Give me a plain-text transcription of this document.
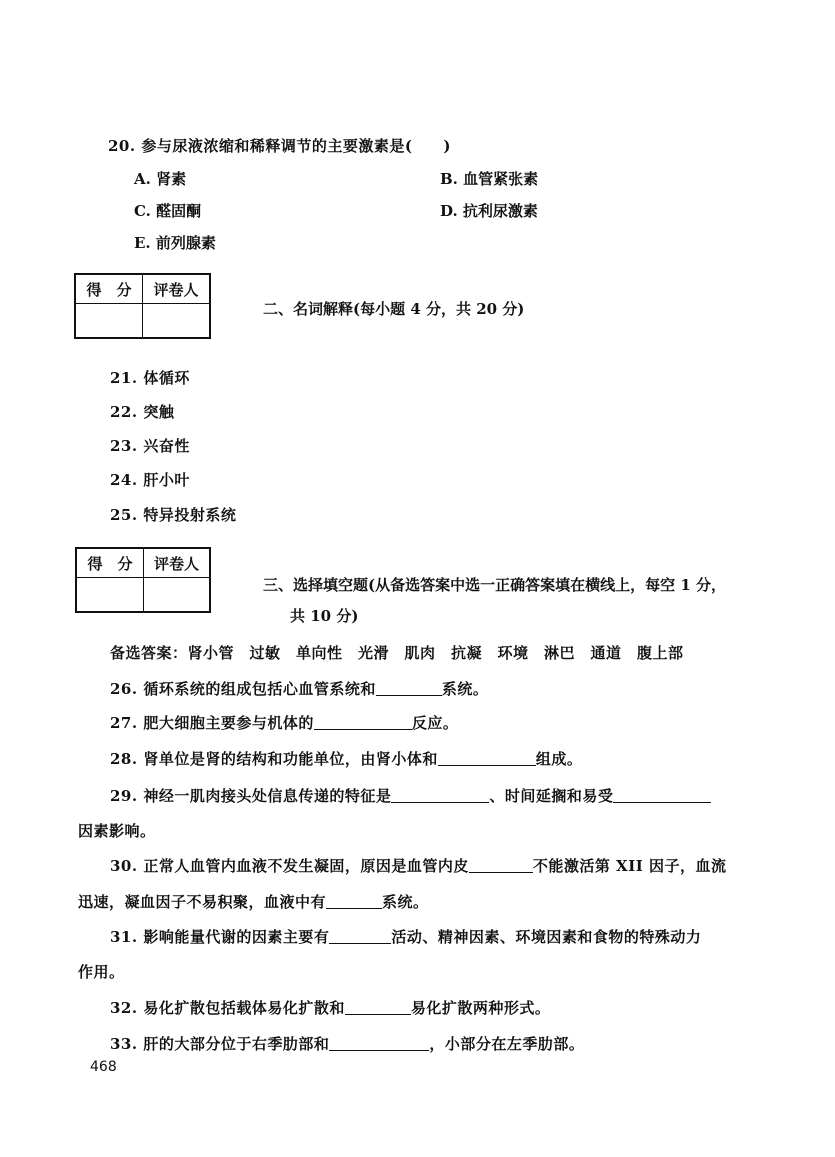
20. 参与尿液浓缩和稀释调节的主要激素是(　　)
A. 肾素	B. 血管紧张素
C. 醛固酮	D. 抗利尿激素
E. 前列腺素
得　分	评卷人

二、名词解释(每小题 4 分，共 20 分)
21. 体循环
22. 突触
23. 兴奋性
24. 肝小叶
25. 特异投射系统
得　分	评卷人

三、选择填空题(从备选答案中选一正确答案填在横线上，每空 1 分，
共 10 分)
备选答案：肾小管　过敏　单向性　光滑　肌肉　抗凝　环境　淋巴　通道　腹上部
26. 循环系统的组成包括心血管系统和	系统。
27. 肥大细胞主要参与机体的	反应。
28. 肾单位是肾的结构和功能单位，由肾小体和	组成。
29. 神经一肌肉接头处信息传递的特征是	、时间延搁和易受
因素影响。
30. 正常人血管内血液不发生凝固，原因是血管内皮	不能激活第 XII 因子，血流
迅速，凝血因子不易积聚，血液中有	系统。
31. 影响能量代谢的因素主要有	活动、精神因素、环境因素和食物的特殊动力
作用。
32. 易化扩散包括载体易化扩散和	易化扩散两种形式。
33. 肝的大部分位于右季肋部和	，小部分在左季肋部。
468
